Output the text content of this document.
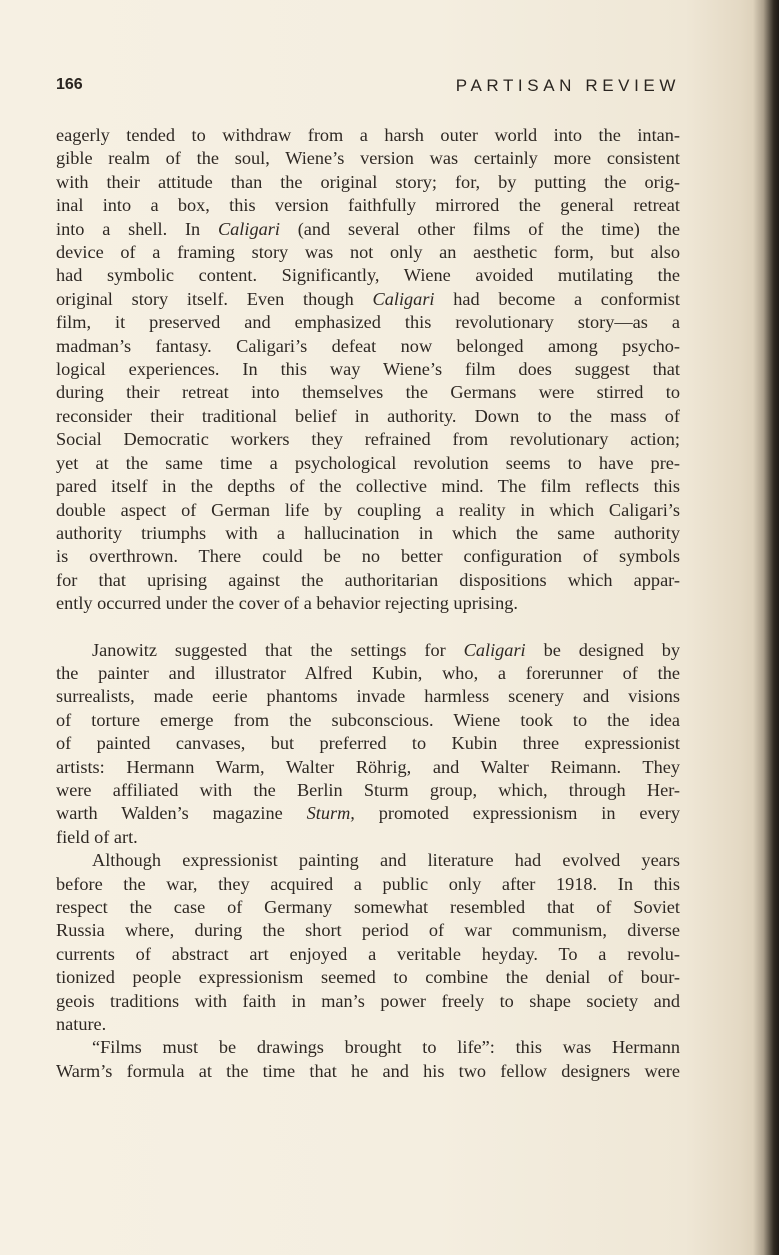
166	PARTISAN REVIEW
eagerly tended to withdraw from a harsh outer world into the intan-
gible realm of the soul, Wiene’s version was certainly more consistent
with their attitude than the original story; for, by putting the orig-
inal into a box, this version faithfully mirrored the general retreat
into a shell. In Caligari (and several other films of the time) the
device of a framing story was not only an aesthetic form, but also
had symbolic content. Significantly, Wiene avoided mutilating the
original story itself. Even though Caligari had become a conformist
film, it preserved and emphasized this revolutionary story—as a
madman’s fantasy. Caligari’s defeat now belonged among psycho-
logical experiences. In this way Wiene’s film does suggest that
during their retreat into themselves the Germans were stirred to
reconsider their traditional belief in authority. Down to the mass of
Social Democratic workers they refrained from revolutionary action;
yet at the same time a psychological revolution seems to have pre-
pared itself in the depths of the collective mind. The film reflects this
double aspect of German life by coupling a reality in which Caligari’s
authority triumphs with a hallucination in which the same authority
is overthrown. There could be no better configuration of symbols
for that uprising against the authoritarian dispositions which appar-
ently occurred under the cover of a behavior rejecting uprising.
Janowitz suggested that the settings for Caligari be designed by
the painter and illustrator Alfred Kubin, who, a forerunner of the
surrealists, made eerie phantoms invade harmless scenery and visions
of torture emerge from the subconscious. Wiene took to the idea
of painted canvases, but preferred to Kubin three expressionist
artists: Hermann Warm, Walter Röhrig, and Walter Reimann. They
were affiliated with the Berlin Sturm group, which, through Her-
warth Walden’s magazine Sturm, promoted expressionism in every
field of art.
Although expressionist painting and literature had evolved years
before the war, they acquired a public only after 1918. In this
respect the case of Germany somewhat resembled that of Soviet
Russia where, during the short period of war communism, diverse
currents of abstract art enjoyed a veritable heyday. To a revolu-
tionized people expressionism seemed to combine the denial of bour-
geois traditions with faith in man’s power freely to shape society and
nature.
“Films must be drawings brought to life”: this was Hermann
Warm’s formula at the time that he and his two fellow designers were
